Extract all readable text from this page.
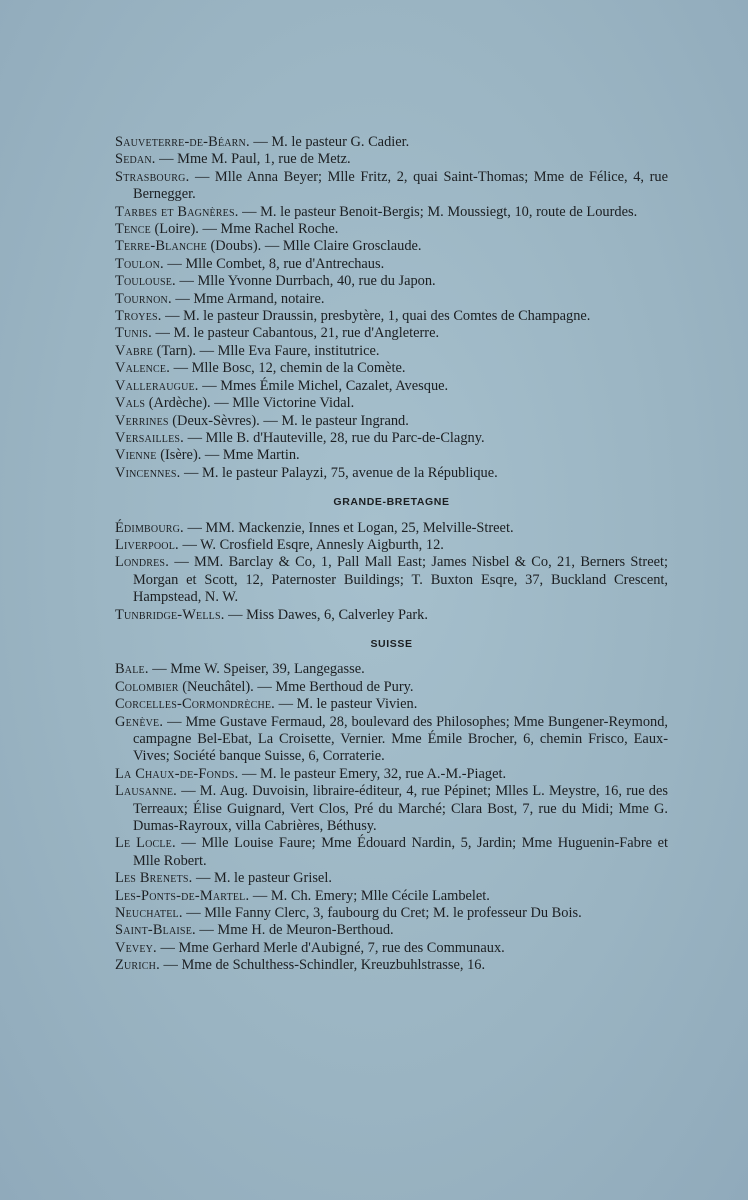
Sauveterre-de-Béarn. — M. le pasteur G. Cadier.

Sedan. — Mme M. Paul, 1, rue de Metz.

Strasbourg. — Mlle Anna Beyer; Mlle Fritz, 2, quai Saint-Thomas; Mme de Félice, 4, rue Bernegger.

Tarbes et Bagnères. — M. le pasteur Benoit-Bergis; M. Moussiegt, 10, route de Lourdes.

Tence (Loire). — Mme Rachel Roche.

Terre-Blanche (Doubs). — Mlle Claire Grosclaude.

Toulon. — Mlle Combet, 8, rue d'Antrechaus.

Toulouse. — Mlle Yvonne Durrbach, 40, rue du Japon.

Tournon. — Mme Armand, notaire.

Troyes. — M. le pasteur Draussin, presbytère, 1, quai des Comtes de Champagne.

Tunis. — M. le pasteur Cabantous, 21, rue d'Angleterre.

Vabre (Tarn). — Mlle Eva Faure, institutrice.

Valence. — Mlle Bosc, 12, chemin de la Comète.

Valleraugue. — Mmes Émile Michel, Cazalet, Avesque.

Vals (Ardèche). — Mlle Victorine Vidal.

Verrines (Deux-Sèvres). — M. le pasteur Ingrand.

Versailles. — Mlle B. d'Hauteville, 28, rue du Parc-de-Clagny.

Vienne (Isère). — Mme Martin.

Vincennes. — M. le pasteur Palayzi, 75, avenue de la République.

GRANDE-BRETAGNE

Édimbourg. — MM. Mackenzie, Innes et Logan, 25, Melville-Street.

Liverpool. — W. Crosfield Esqre, Annesly Aigburth, 12.

Londres. — MM. Barclay & Co, 1, Pall Mall East; James Nisbel & Co, 21, Berners Street; Morgan et Scott, 12, Paternoster Buildings; T. Buxton Esqre, 37, Buckland Crescent, Hampstead, N. W.

Tunbridge-Wells. — Miss Dawes, 6, Calverley Park.

SUISSE

Bale. — Mme W. Speiser, 39, Langegasse.

Colombier (Neuchâtel). — Mme Berthoud de Pury.

Corcelles-Cormondrèche. — M. le pasteur Vivien.

Genève. — Mme Gustave Fermaud, 28, boulevard des Philosophes; Mme Bungener-Reymond, campagne Bel-Ebat, La Croisette, Vernier. Mme Émile Brocher, 6, chemin Frisco, Eaux-Vives; Société banque Suisse, 6, Corraterie.

La Chaux-de-Fonds. — M. le pasteur Emery, 32, rue A.-M.-Piaget.

Lausanne. — M. Aug. Duvoisin, libraire-éditeur, 4, rue Pépinet; Mlles L. Meystre, 16, rue des Terreaux; Élise Guignard, Vert Clos, Pré du Marché; Clara Bost, 7, rue du Midi; Mme G. Dumas-Rayroux, villa Cabrières, Béthusy.

Le Locle. — Mlle Louise Faure; Mme Édouard Nardin, 5, Jardin; Mme Huguenin-Fabre et Mlle Robert.

Les Brenets. — M. le pasteur Grisel.

Les-Ponts-de-Martel. — M. Ch. Emery; Mlle Cécile Lambelet.

Neuchatel. — Mlle Fanny Clerc, 3, faubourg du Cret; M. le professeur Du Bois.

Saint-Blaise. — Mme H. de Meuron-Berthoud.

Vevey. — Mme Gerhard Merle d'Aubigné, 7, rue des Communaux.

Zurich. — Mme de Schulthess-Schindler, Kreuzbuhlstrasse, 16.
